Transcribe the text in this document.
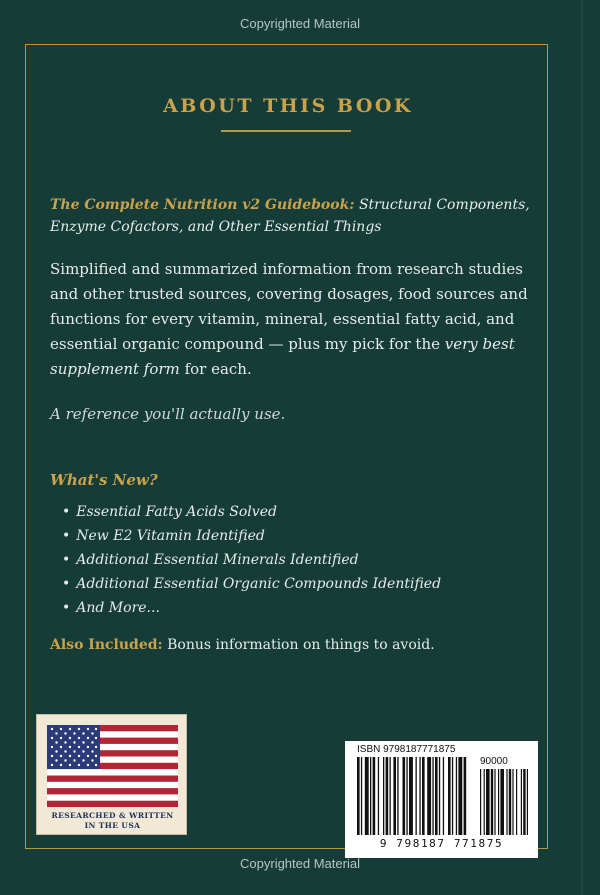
Copyrighted Material
ABOUT THIS BOOK
The Complete Nutrition v2 Guidebook: Structural Components, Enzyme Cofactors, and Other Essential Things
Simplified and summarized information from research studies and other trusted sources, covering dosages, food sources and functions for every vitamin, mineral, essential fatty acid, and essential organic compound — plus my pick for the very best supplement form for each.
A reference you'll actually use.
What's New?
• Essential Fatty Acids Solved
• New E2 Vitamin Identified
• Additional Essential Minerals Identified
• Additional Essential Organic Compounds Identified
• And More...
Also Included: Bonus information on things to avoid.
RESEARCHED & WRITTEN
IN THE USA
ISBN 9798187771875
90000
9 798187 771875
Copyrighted Material
